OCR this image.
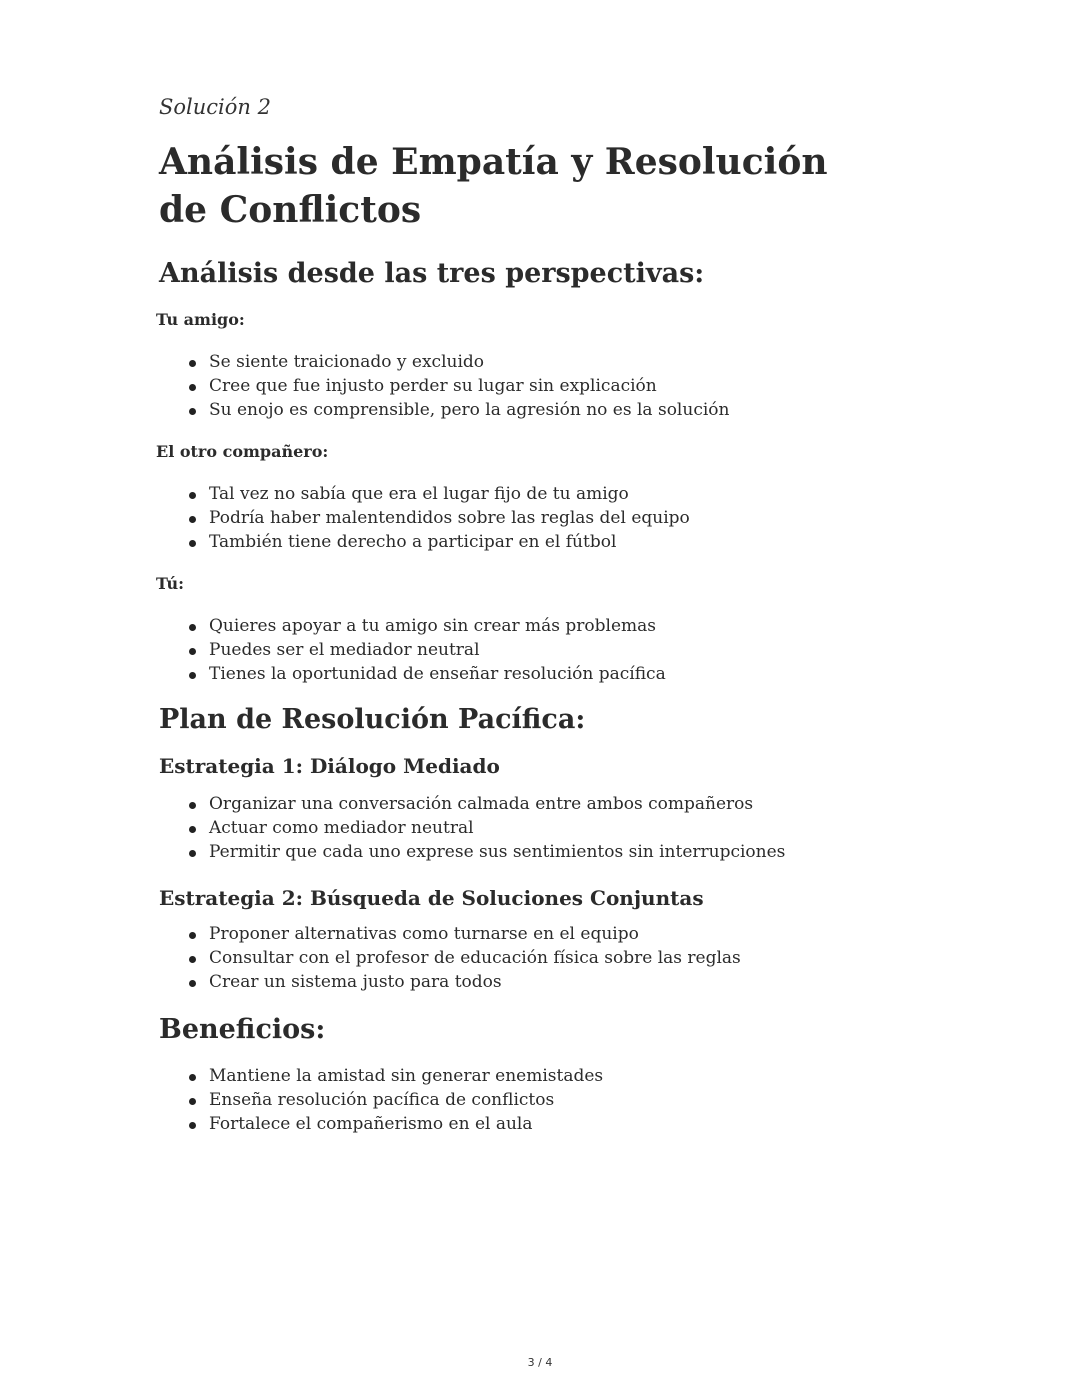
Solución 2

Análisis de Empatía y Resolución de Conflictos
Análisis desde las tres perspectivas:

Tu amigo:

Se siente traicionado y excluido
Cree que fue injusto perder su lugar sin explicación
Su enojo es comprensible, pero la agresión no es la solución

El otro compañero:

Tal vez no sabía que era el lugar fijo de tu amigo
Podría haber malentendidos sobre las reglas del equipo
También tiene derecho a participar en el fútbol

Tú:

Quieres apoyar a tu amigo sin crear más problemas
Puedes ser el mediador neutral
Tienes la oportunidad de enseñar resolución pacífica
Plan de Resolución Pacífica:
Estrategia 1: Diálogo Mediado
Organizar una conversación calmada entre ambos compañeros
Actuar como mediador neutral
Permitir que cada uno exprese sus sentimientos sin interrupciones
Estrategia 2: Búsqueda de Soluciones Conjuntas
Proponer alternativas como turnarse en el equipo
Consultar con el profesor de educación física sobre las reglas
Crear un sistema justo para todos
Beneficios:
Mantiene la amistad sin generar enemistades
Enseña resolución pacífica de conflictos
Fortalece el compañerismo en el aula
3 / 4
